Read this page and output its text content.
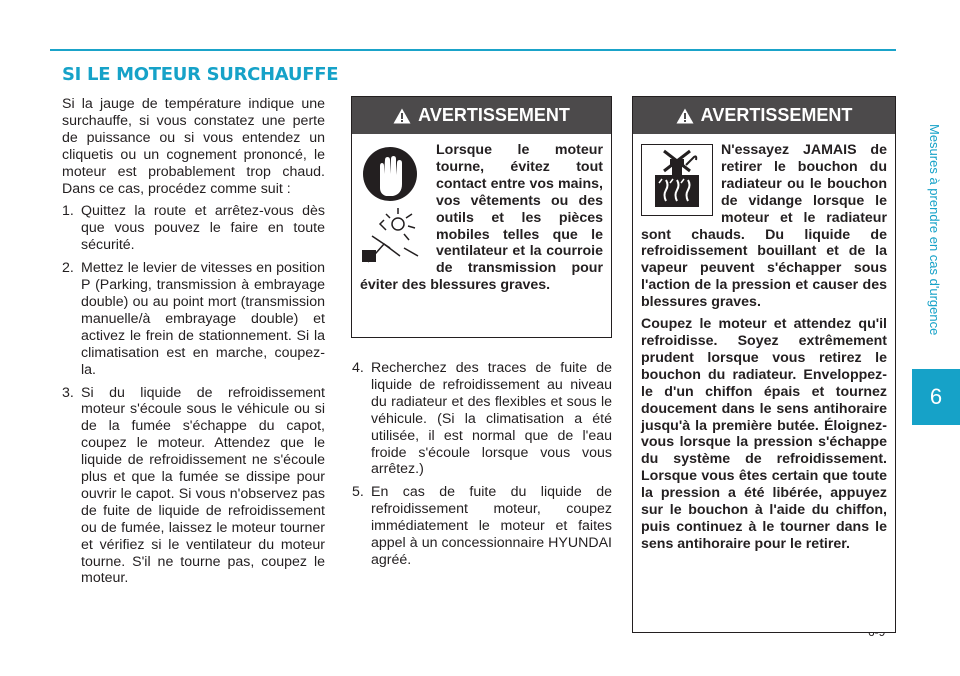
SI LE MOTEUR SURCHAUFFE
Mesures à prendre en cas d'urgence
6

Si la jauge de température indique une surchauffe, si vous constatez une perte de puissance ou si vous entendez un cliquetis ou un cognement prononcé, le moteur est probablement trop chaud. Dans ce cas, procédez comme suit :

1. Quittez la route et arrêtez-vous dès que vous pouvez le faire en toute sécurité.
2. Mettez le levier de vitesses en position P (Parking, transmission à embrayage double) ou au point mort (transmission manuelle/à embrayage double) et activez le frein de stationnement. Si la climatisation est en marche, coupez-la.
3. Si du liquide de refroidissement moteur s'écoule sous le véhicule ou si de la fumée s'échappe du capot, coupez le moteur. Attendez que le liquide de refroidissement ne s'écoule plus et que la fumée se dissipe pour ouvrir le capot. Si vous n'observez pas de fuite de liquide de refroidissement ou de fumée, laissez le moteur tourner et vérifiez si le ventilateur du moteur tourne. S'il ne tourne pas, coupez le moteur.
AVERTISSEMENT
Lorsque le moteur tourne, évitez tout contact entre vos mains, vos vêtements ou des outils et les pièces mobiles telles que le ventilateur et la courroie de transmission pour éviter des blessures graves.
4. Recherchez des traces de fuite de liquide de refroidissement au niveau du radiateur et des flexibles et sous le véhicule. (Si la climatisation a été utilisée, il est normal que de l'eau froide s'écoule lorsque vous vous arrêtez.)
5. En cas de fuite du liquide de refroidissement moteur, coupez immédiatement le moteur et faites appel à un concessionnaire HYUNDAI agréé.
AVERTISSEMENT

N'essayez JAMAIS de retirer le bouchon du radiateur ou le bouchon de vidange lorsque le moteur et le radiateur sont chauds. Du liquide de refroidissement bouillant et de la vapeur peuvent s'échapper sous l'action de la pression et causer des blessures graves.

Coupez le moteur et attendez qu'il refroidisse. Soyez extrêmement prudent lorsque vous retirez le bouchon du radiateur. Enveloppez-le d'un chiffon épais et tournez doucement dans le sens antihoraire jusqu'à la première butée. Éloignez-vous lorsque la pression s'échappe du système de refroidissement. Lorsque vous êtes certain que toute la pression a été libérée, appuyez sur le bouchon à l'aide du chiffon, puis continuez à le tourner dans le sens antihoraire pour le retirer.
